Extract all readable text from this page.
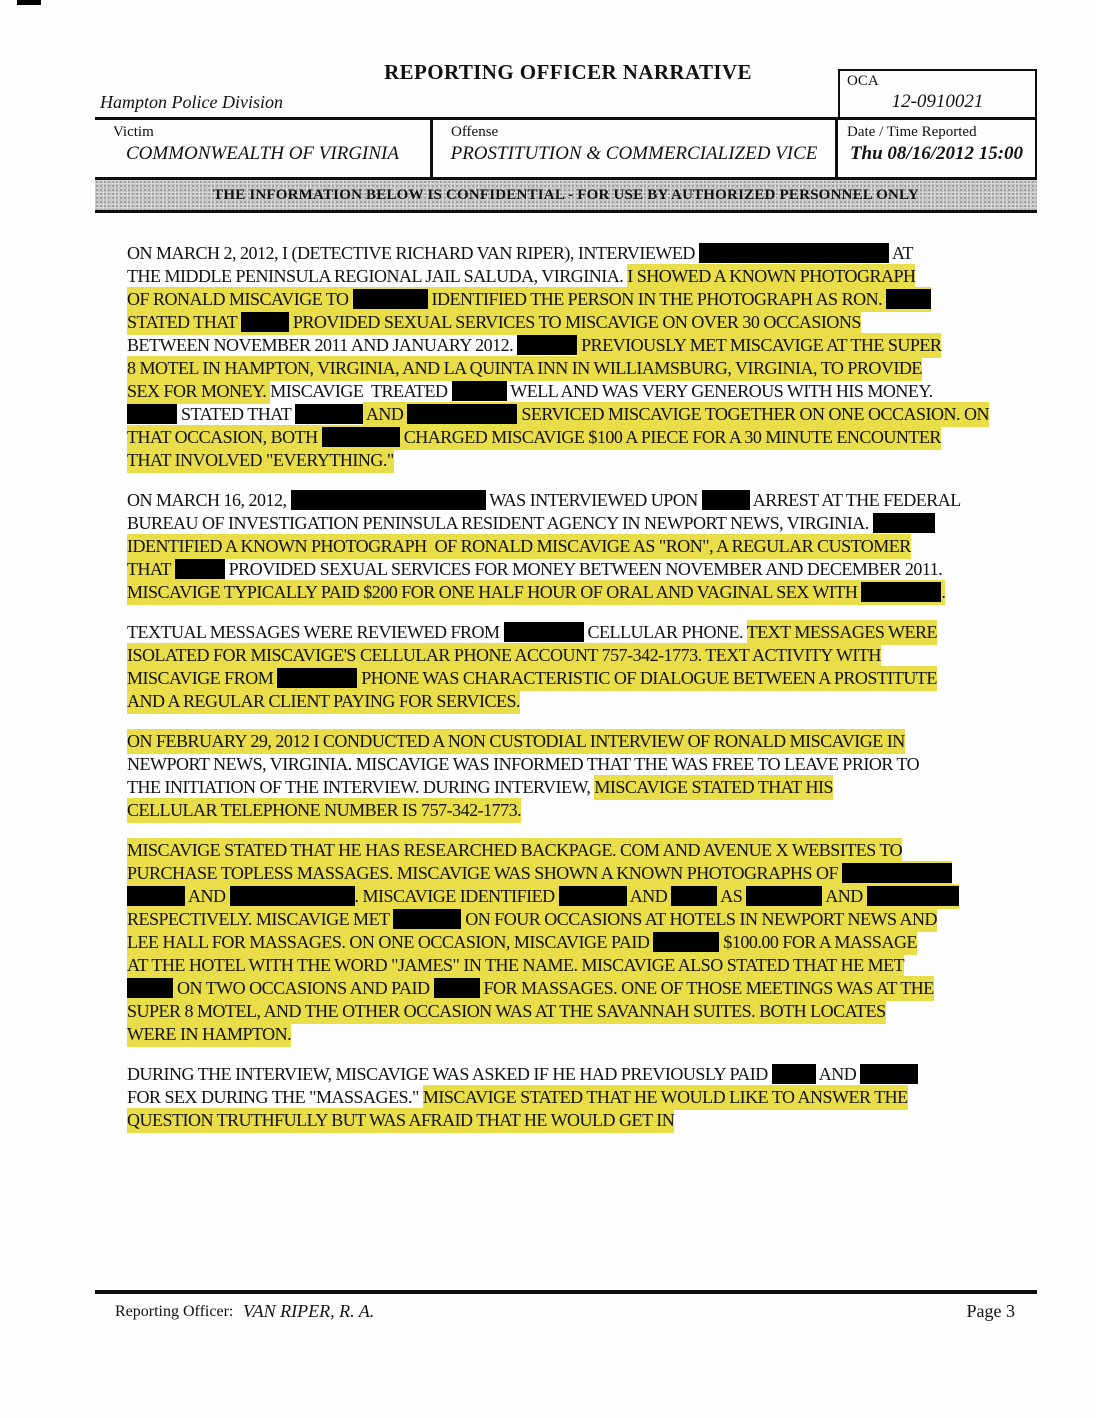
REPORTING OFFICER NARRATIVE
Hampton Police Division
OCA
12-0910021
Victim
COMMONWEALTH OF VIRGINIA
Offense
PROSTITUTION & COMMERCIALIZED VICE
Date / Time Reported
Thu 08/16/2012 15:00
THE INFORMATION BELOW IS CONFIDENTIAL - FOR USE BY AUTHORIZED PERSONNEL ONLY
ON MARCH 2, 2012, I (DETECTIVE RICHARD VAN RIPER), INTERVIEWED	AT
THE MIDDLE PENINSULA REGIONAL JAIL SALUDA, VIRGINIA. I SHOWED A KNOWN PHOTOGRAPH
OF RONALD MISCAVIGE TO	IDENTIFIED THE PERSON IN THE PHOTOGRAPH AS RON.
STATED THAT	PROVIDED SEXUAL SERVICES TO MISCAVIGE ON OVER 30 OCCASIONS
BETWEEN NOVEMBER 2011 AND JANUARY 2012.	PREVIOUSLY MET MISCAVIGE AT THE SUPER
8 MOTEL IN HAMPTON, VIRGINIA, AND LA QUINTA INN IN WILLIAMSBURG, VIRGINIA, TO PROVIDE
SEX FOR MONEY. MISCAVIGE  TREATED	WELL AND WAS VERY GENEROUS WITH HIS MONEY.
STATED THAT	AND	SERVICED MISCAVIGE TOGETHER ON ONE OCCASION. ON
THAT OCCASION, BOTH	CHARGED MISCAVIGE $100 A PIECE FOR A 30 MINUTE ENCOUNTER
THAT INVOLVED "EVERYTHING."
ON MARCH 16, 2012,	WAS INTERVIEWED UPON	ARREST AT THE FEDERAL
BUREAU OF INVESTIGATION PENINSULA RESIDENT AGENCY IN NEWPORT NEWS, VIRGINIA.
IDENTIFIED A KNOWN PHOTOGRAPH  OF RONALD MISCAVIGE AS "RON", A REGULAR CUSTOMER
THAT	PROVIDED SEXUAL SERVICES FOR MONEY BETWEEN NOVEMBER AND DECEMBER 2011.
MISCAVIGE TYPICALLY PAID $200 FOR ONE HALF HOUR OF ORAL AND VAGINAL SEX WITH	.
TEXTUAL MESSAGES WERE REVIEWED FROM	CELLULAR PHONE. TEXT MESSAGES WERE
ISOLATED FOR MISCAVIGE'S CELLULAR PHONE ACCOUNT 757-342-1773. TEXT ACTIVITY WITH
MISCAVIGE FROM	PHONE WAS CHARACTERISTIC OF DIALOGUE BETWEEN A PROSTITUTE
AND A REGULAR CLIENT PAYING FOR SERVICES.
ON FEBRUARY 29, 2012 I CONDUCTED A NON CUSTODIAL INTERVIEW OF RONALD MISCAVIGE IN
NEWPORT NEWS, VIRGINIA. MISCAVIGE WAS INFORMED THAT THE WAS FREE TO LEAVE PRIOR TO
THE INITIATION OF THE INTERVIEW. DURING INTERVIEW, MISCAVIGE STATED THAT HIS
CELLULAR TELEPHONE NUMBER IS 757-342-1773.
MISCAVIGE STATED THAT HE HAS RESEARCHED BACKPAGE. COM AND AVENUE X WEBSITES TO
PURCHASE TOPLESS MASSAGES. MISCAVIGE WAS SHOWN A KNOWN PHOTOGRAPHS OF
AND	. MISCAVIGE IDENTIFIED	AND	AS	AND
RESPECTIVELY. MISCAVIGE MET	ON FOUR OCCASIONS AT HOTELS IN NEWPORT NEWS AND
LEE HALL FOR MASSAGES. ON ONE OCCASION, MISCAVIGE PAID	$100.00 FOR A MASSAGE
AT THE HOTEL WITH THE WORD "JAMES" IN THE NAME. MISCAVIGE ALSO STATED THAT HE MET
ON TWO OCCASIONS AND PAID	FOR MASSAGES. ONE OF THOSE MEETINGS WAS AT THE
SUPER 8 MOTEL, AND THE OTHER OCCASION WAS AT THE SAVANNAH SUITES. BOTH LOCATES
WERE IN HAMPTON.
DURING THE INTERVIEW, MISCAVIGE WAS ASKED IF HE HAD PREVIOUSLY PAID  AND
FOR SEX DURING THE "MASSAGES." MISCAVIGE STATED THAT HE WOULD LIKE TO ANSWER THE
QUESTION TRUTHFULLY BUT WAS AFRAID THAT HE WOULD GET IN
Reporting Officer: VAN RIPER, R. A.	Page 3
